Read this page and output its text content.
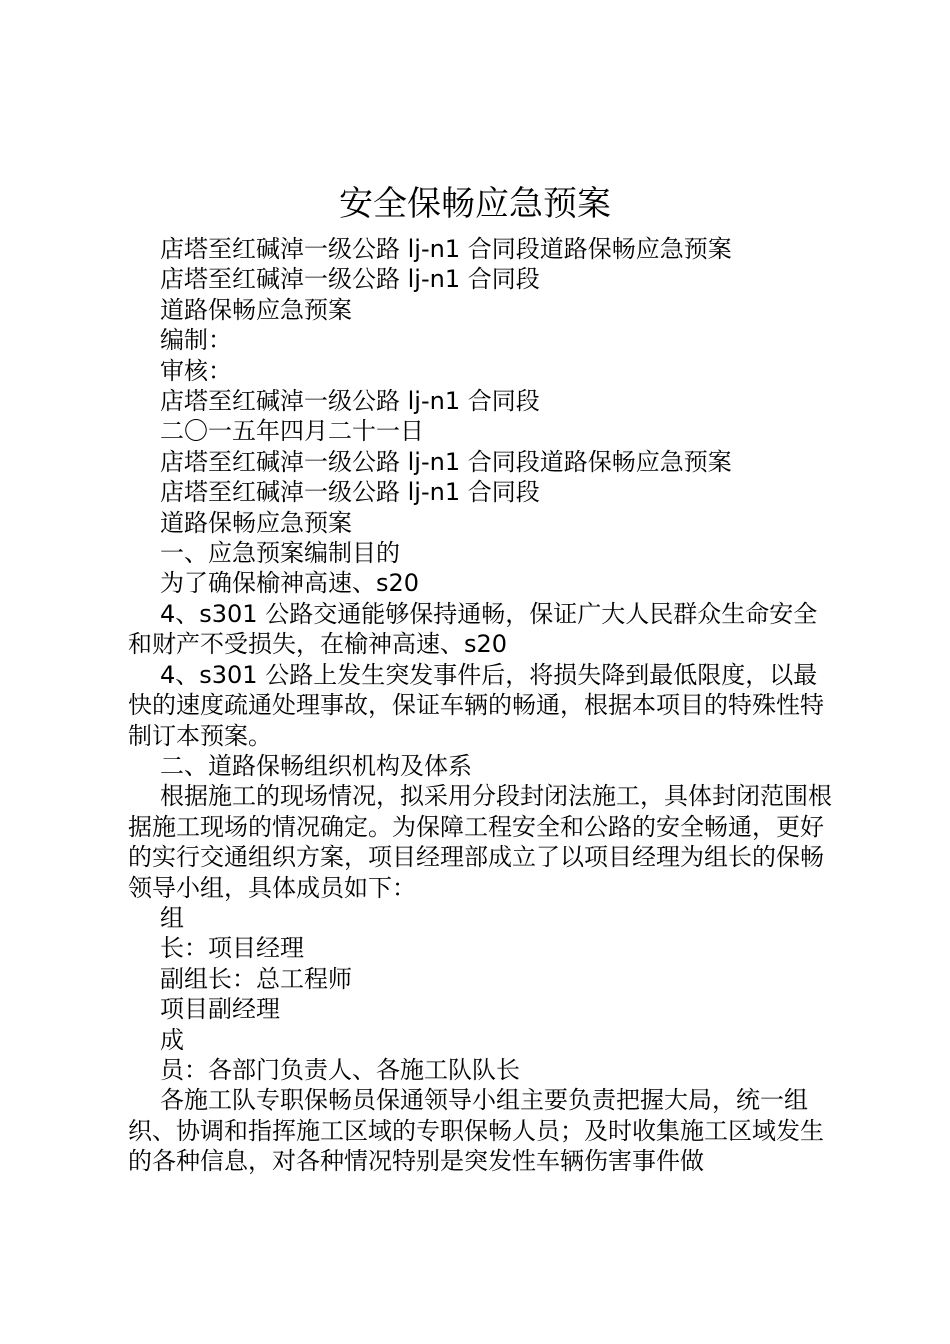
安全保畅应急预案

店塔至红碱淖一级公路 lj-n1 合同段道路保畅应急预案

店塔至红碱淖一级公路 lj-n1 合同段

道路保畅应急预案

编制：

审核：

店塔至红碱淖一级公路 lj-n1 合同段

二〇一五年四月二十一日

店塔至红碱淖一级公路 lj-n1 合同段道路保畅应急预案

店塔至红碱淖一级公路 lj-n1 合同段

道路保畅应急预案

一、应急预案编制目的

为了确保榆神高速、s20

4、s301 公路交通能够保持通畅，保证广大人民群众生命安全和财产不受损失，在榆神高速、s20

4、s301 公路上发生突发事件后，将损失降到最低限度，以最快的速度疏通处理事故，保证车辆的畅通，根据本项目的特殊性特制订本预案。

二、道路保畅组织机构及体系

根据施工的现场情况，拟采用分段封闭法施工，具体封闭范围根据施工现场的情况确定。为保障工程安全和公路的安全畅通，更好的实行交通组织方案，项目经理部成立了以项目经理为组长的保畅领导小组，具体成员如下：

组

长：项目经理

副组长：总工程师

项目副经理

成

员：各部门负责人、各施工队队长

各施工队专职保畅员保通领导小组主要负责把握大局，统一组织、协调和指挥施工区域的专职保畅人员；及时收集施工区域发生的各种信息，对各种情况特别是突发性车辆伤害事件做
